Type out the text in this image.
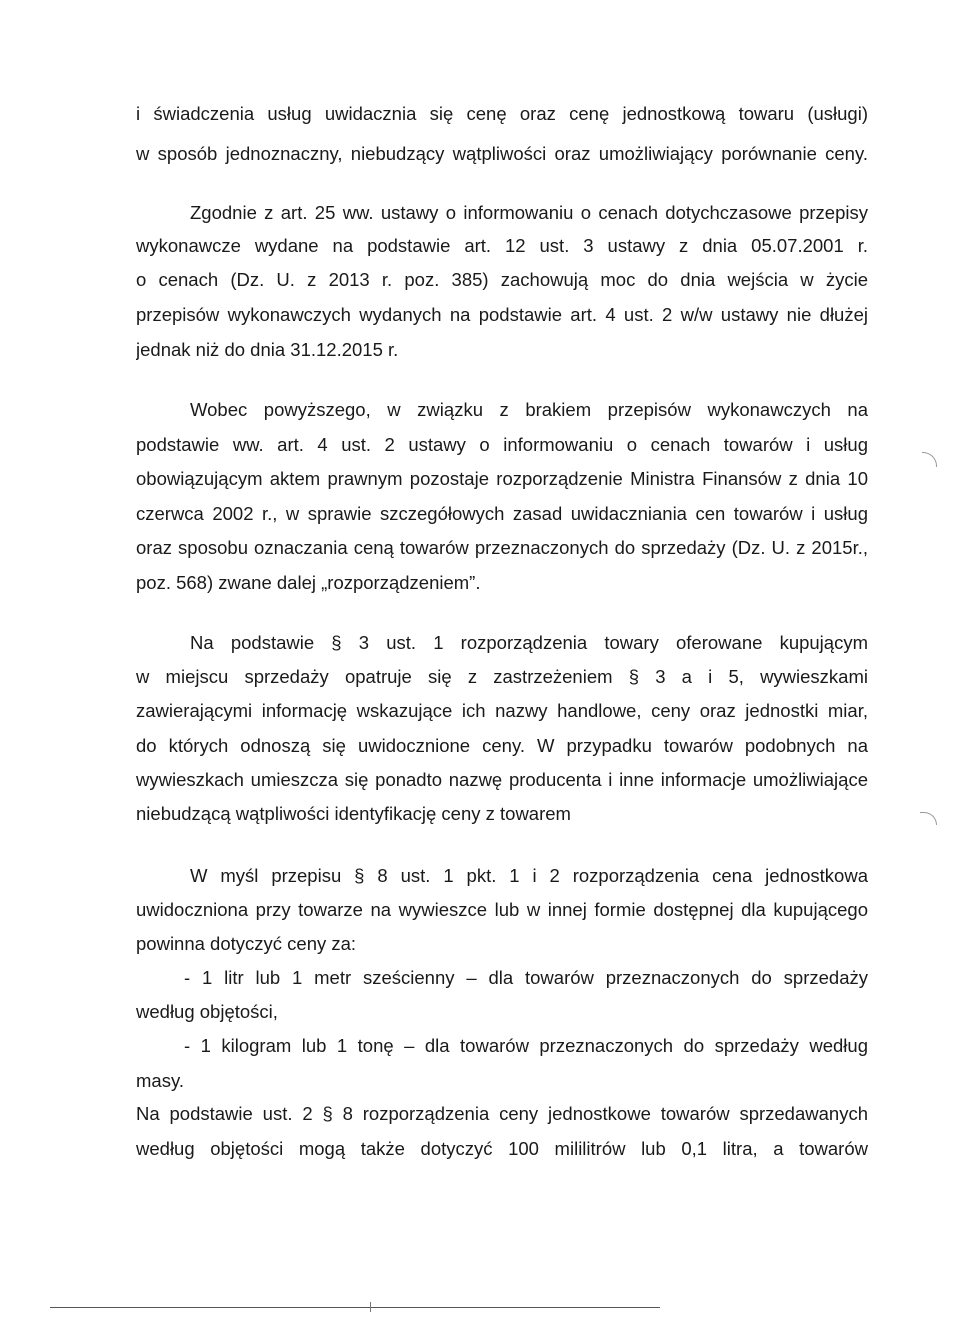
i świadczenia usług uwidacznia się cenę oraz cenę jednostkową towaru (usługi)
w sposób jednoznaczny, niebudzący wątpliwości oraz umożliwiający porównanie ceny.
Zgodnie z art. 25 ww. ustawy o informowaniu o cenach dotychczasowe przepisy
wykonawcze wydane na podstawie art. 12 ust. 3 ustawy z dnia 05.07.2001 r.
o cenach (Dz. U. z 2013 r. poz. 385) zachowują moc do dnia wejścia w życie
przepisów wykonawczych wydanych na podstawie art. 4 ust. 2 w/w ustawy nie dłużej
jednak niż do dnia 31.12.2015 r.
Wobec powyższego, w związku z brakiem przepisów wykonawczych na
podstawie ww. art. 4 ust. 2 ustawy o informowaniu o cenach towarów i usług
obowiązującym aktem prawnym pozostaje rozporządzenie Ministra Finansów z dnia 10
czerwca 2002 r., w sprawie szczegółowych zasad uwidaczniania cen towarów i usług
oraz sposobu oznaczania ceną towarów przeznaczonych do sprzedaży (Dz. U. z 2015r.,
poz. 568) zwane dalej „rozporządzeniem”.
Na podstawie § 3 ust. 1 rozporządzenia towary oferowane kupującym
w miejscu sprzedaży opatruje się z zastrzeżeniem § 3 a i 5, wywieszkami
zawierającymi informację wskazujące ich nazwy handlowe, ceny oraz jednostki miar,
do których odnoszą się uwidocznione ceny. W przypadku towarów podobnych na
wywieszkach umieszcza się ponadto nazwę producenta i inne informacje umożliwiające
niebudzącą wątpliwości identyfikację ceny z towarem
W myśl przepisu § 8 ust. 1 pkt. 1 i 2 rozporządzenia cena jednostkowa
uwidoczniona przy towarze na wywieszce lub w innej formie dostępnej dla kupującego
powinna dotyczyć ceny za:
- 1 litr lub 1 metr sześcienny – dla towarów przeznaczonych do sprzedaży
według objętości,
- 1 kilogram lub 1 tonę – dla towarów przeznaczonych do sprzedaży według
masy.
Na podstawie ust. 2 § 8 rozporządzenia ceny jednostkowe towarów sprzedawanych
według objętości mogą także dotyczyć 100 mililitrów lub 0,1 litra, a towarów
